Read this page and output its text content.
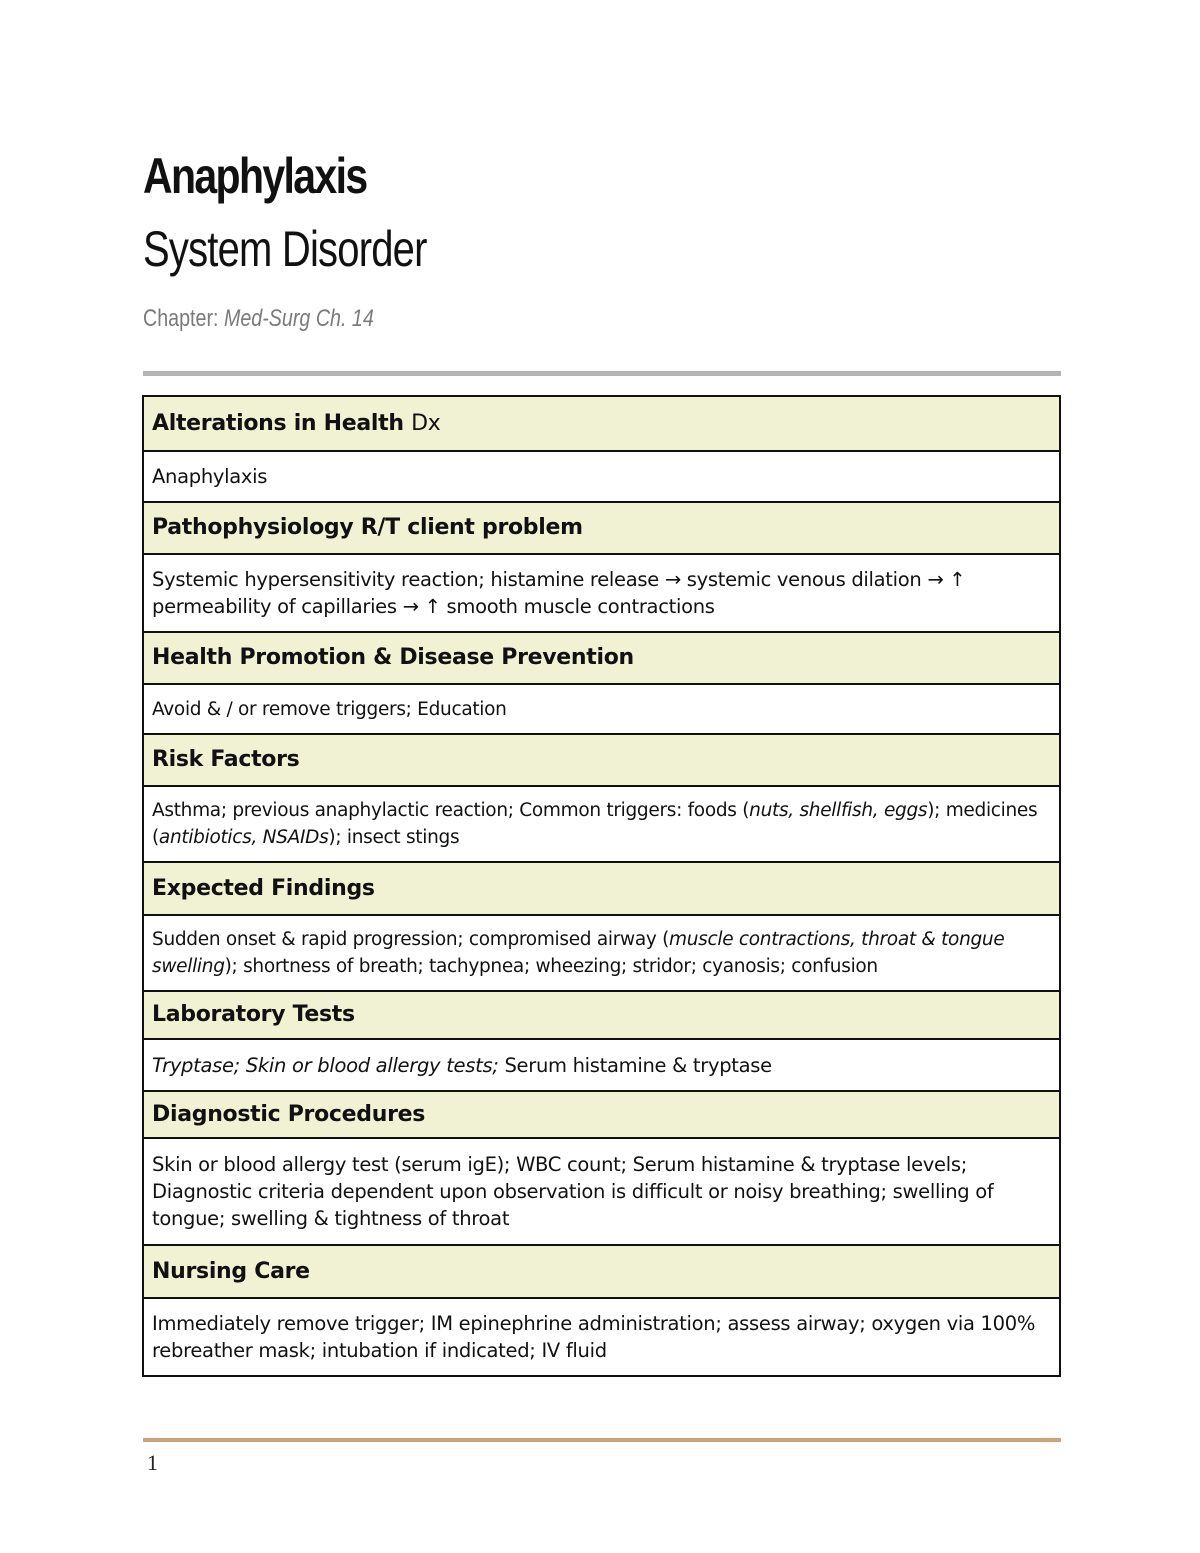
Anaphylaxis
System Disorder
Chapter: Med-Surg Ch. 14
Alterations in Health Dx
Anaphylaxis
Pathophysiology R/T client problem
Systemic hypersensitivity reaction; histamine release → systemic venous dilation → ↑ permeability of capillaries → ↑ smooth muscle contractions
Health Promotion & Disease Prevention
Avoid & / or remove triggers; Education
Risk Factors
Asthma; previous anaphylactic reaction; Common triggers: foods (nuts, shellfish, eggs); medicines (antibiotics, NSAIDs); insect stings
Expected Findings
Sudden onset & rapid progression; compromised airway (muscle contractions, throat & tongue swelling); shortness of breath; tachypnea; wheezing; stridor; cyanosis; confusion
Laboratory Tests
Tryptase; Skin or blood allergy tests; Serum histamine & tryptase
Diagnostic Procedures
Skin or blood allergy test (serum igE); WBC count; Serum histamine & tryptase levels; Diagnostic criteria dependent upon observation is difficult or noisy breathing; swelling of tongue; swelling & tightness of throat
Nursing Care
Immediately remove trigger; IM epinephrine administration; assess airway; oxygen via 100% rebreather mask; intubation if indicated; IV fluid
1
